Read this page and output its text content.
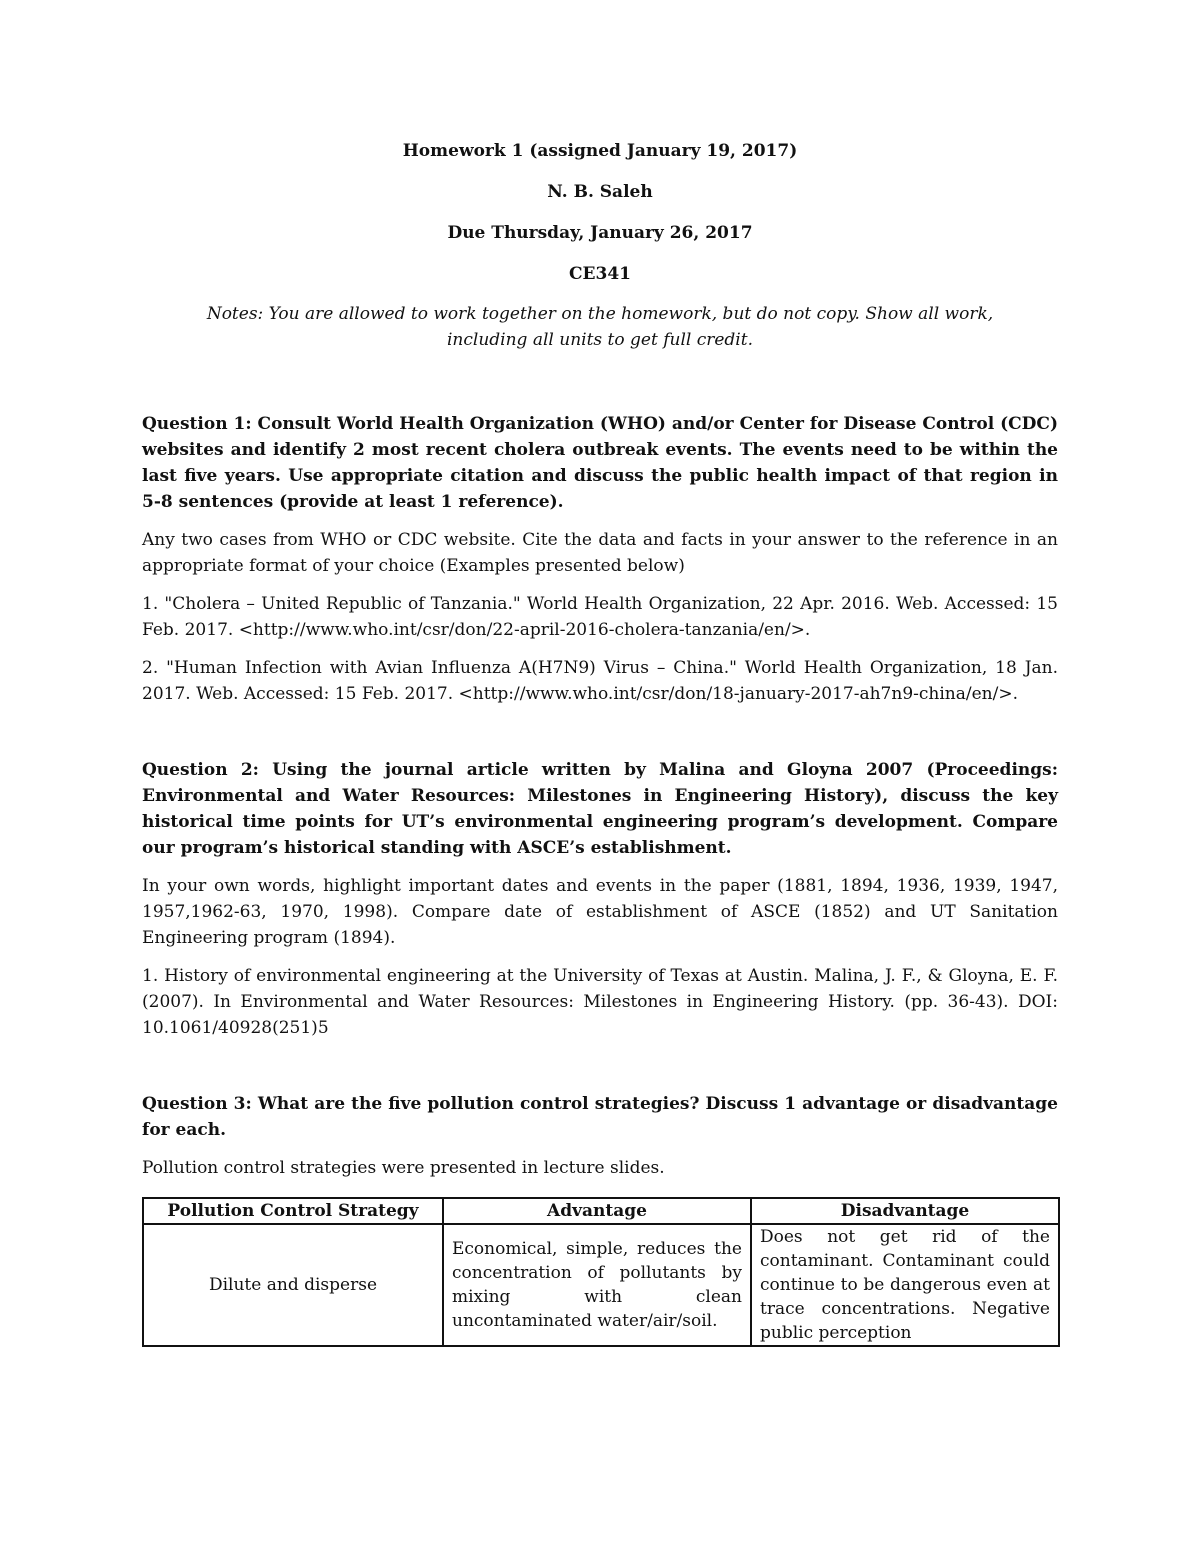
Homework 1 (assigned January 19, 2017)

N. B. Saleh

Due Thursday, January 26, 2017

CE341

Notes: You are allowed to work together on the homework, but do not copy. Show all work, including all units to get full credit.

Question 1: Consult World Health Organization (WHO) and/or Center for Disease Control (CDC) websites and identify 2 most recent cholera outbreak events. The events need to be within the last five years. Use appropriate citation and discuss the public health impact of that region in 5-8 sentences (provide at least 1 reference).

Any two cases from WHO or CDC website. Cite the data and facts in your answer to the reference in an appropriate format of your choice (Examples presented below)

1. "Cholera – United Republic of Tanzania." World Health Organization, 22 Apr. 2016. Web. Accessed: 15 Feb. 2017. <http://www.who.int/csr/don/22-april-2016-cholera-tanzania/en/>.

2. "Human Infection with Avian Influenza A(H7N9) Virus – China." World Health Organization, 18 Jan. 2017. Web. Accessed: 15 Feb. 2017. <http://www.who.int/csr/don/18-january-2017-ah7n9-china/en/>.

Question 2: Using the journal article written by Malina and Gloyna 2007 (Proceedings: Environmental and Water Resources: Milestones in Engineering History), discuss the key historical time points for UT’s environmental engineering program’s development. Compare our program’s historical standing with ASCE’s establishment.

In your own words, highlight important dates and events in the paper (1881, 1894, 1936, 1939, 1947, 1957,1962-63, 1970, 1998). Compare date of establishment of ASCE (1852) and UT Sanitation Engineering program (1894).

1. History of environmental engineering at the University of Texas at Austin. Malina, J. F., & Gloyna, E. F. (2007). In Environmental and Water Resources: Milestones in Engineering History. (pp. 36-43). DOI: 10.1061/40928(251)5

Question 3: What are the five pollution control strategies? Discuss 1 advantage or disadvantage for each.

Pollution control strategies were presented in lecture slides.

Pollution Control Strategy	Advantage	Disadvantage
Dilute and disperse	Economical, simple, reduces the concentration of pollutants by mixing with clean uncontaminated water/air/soil.	Does not get rid of the contaminant. Contaminant could continue to be dangerous even at trace concentrations. Negative public perception
